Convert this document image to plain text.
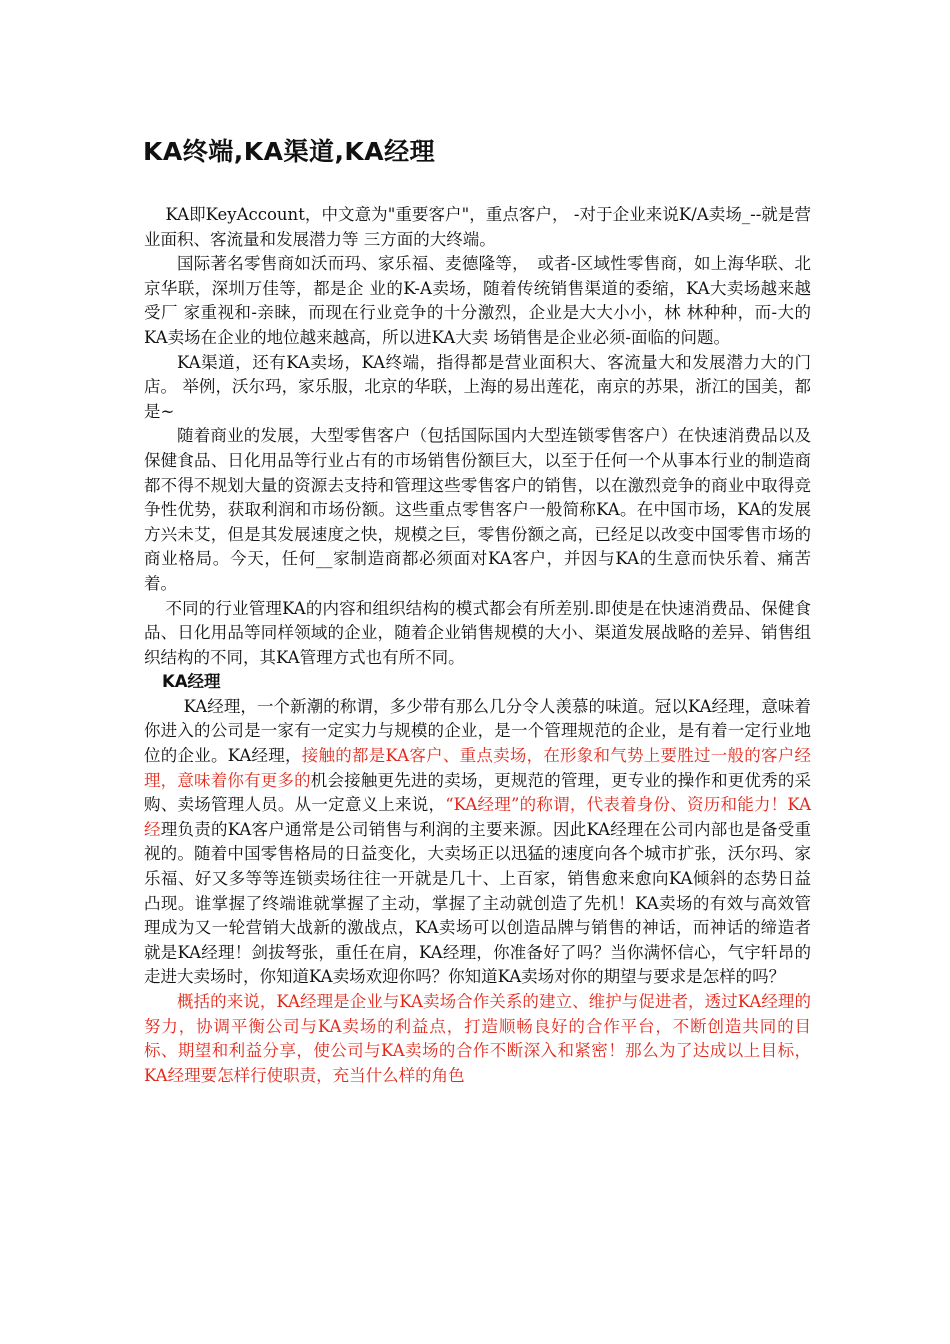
KA终端,KA渠道,KA经理

KA即KeyAccount，中文意为"重要客户"，重点客户， -对于企业来说K/A卖场_--就是营业面积、客流量和发展潜力等 三方面的大终端。

国际著名零售商如沃而玛、家乐福、麦德隆等，　或者-区域性零售商，如上海华联、北京华联，深圳万佳等，都是企 业的K-A卖场，随着传统销售渠道的委缩，KA大卖场越来越受厂 家重视和-亲睐，而现在行业竞争的十分激烈，企业是大大小小，林 林种种，而-大的KA卖场在企业的地位越来越高，所以进KA大卖 场销售是企业必须-面临的问题。

KA渠道，还有KA卖场，KA终端，指得都是营业面积大、客流量大和发展潜力大的门店。 举例，沃尔玛，家乐服，北京的华联，上海的易出莲花，南京的苏果，浙江的国美，都是~

随着商业的发展，大型零售客户（包括国际国内大型连锁零售客户）在快速消费品以及保健食品、日化用品等行业占有的市场销售份额巨大，以至于任何一个从事本行业的制造商都不得不规划大量的资源去支持和管理这些零售客户的销售，以在激烈竞争的商业中取得竞争性优势，获取利润和市场份额。这些重点零售客户一般简称KA。在中国市场，KA的发展方兴未艾，但是其发展速度之快，规模之巨，零售份额之高，已经足以改变中国零售市场的商业格局。今天，任何__家制造商都必须面对KA客户，并因与KA的生意而快乐着、痛苦着。

不同的行业管理KA的内容和组织结构的模式都会有所差别.即使是在快速消费品、保健食品、日化用品等同样领域的企业，随着企业销售规模的大小、渠道发展战略的差异、销售组织结构的不同，其KA管理方式也有所不同。

KA经理

KA经理，一个新潮的称谓，多少带有那么几分令人羡慕的味道。冠以KA经理，意味着你进入的公司是一家有一定实力与规模的企业，是一个管理规范的企业，是有着一定行业地位的企业。KA经理，接触的都是KA客户、重点卖场，在形象和气势上要胜过一般的客户经理，意味着你有更多的机会接触更先进的卖场，更规范的管理，更专业的操作和更优秀的采购、卖场管理人员。从一定意义上来说，“KA经理”的称谓，代表着身份、资历和能力！KA经理负责的KA客户通常是公司销售与利润的主要来源。因此KA经理在公司内部也是备受重视的。随着中国零售格局的日益变化，大卖场正以迅猛的速度向各个城市扩张，沃尔玛、家乐福、好又多等等连锁卖场往往一开就是几十、上百家，销售愈来愈向KA倾斜的态势日益凸现。谁掌握了终端谁就掌握了主动，掌握了主动就创造了先机！KA卖场的有效与高效管理成为又一轮营销大战新的激战点，KA卖场可以创造品牌与销售的神话，而神话的缔造者就是KA经理！剑拔弩张，重任在肩，KA经理，你准备好了吗？当你满怀信心，气宇轩昂的走进大卖场时，你知道KA卖场欢迎你吗？你知道KA卖场对你的期望与要求是怎样的吗？

概括的来说，KA经理是企业与KA卖场合作关系的建立、维护与促进者，透过KA经理的努力，协调平衡公司与KA卖场的利益点，打造顺畅良好的合作平台，不断创造共同的目标、期望和利益分享，使公司与KA卖场的合作不断深入和紧密！那么为了达成以上目标，KA经理要怎样行使职责，充当什么样的角色
